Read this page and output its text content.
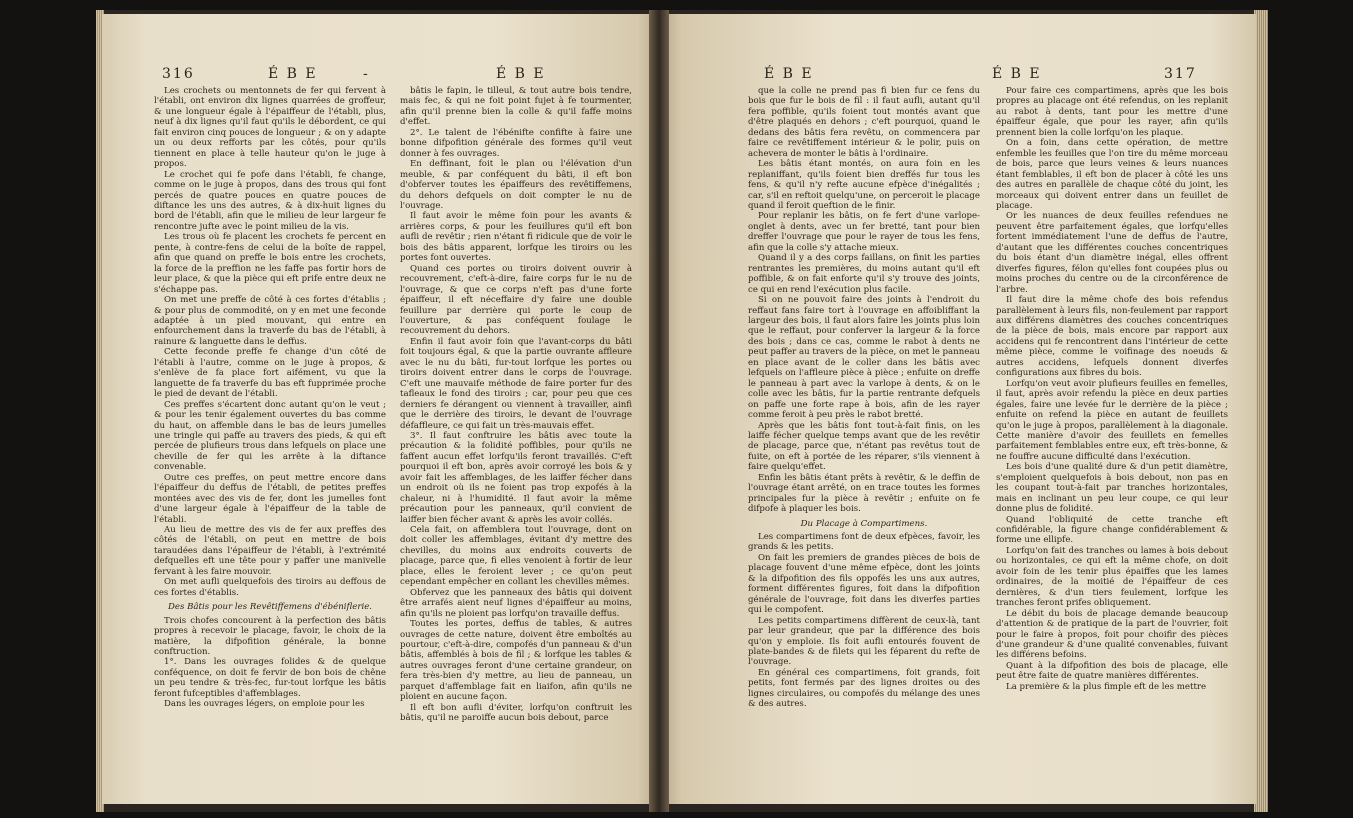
316	É B E	-	É B E

Les crochets ou mentonnets de fer qui fervent à l'établi, ont environ dix lignes quarrées de groffeur, & une longueur égale à l'épaiffeur de l'établi, plus, neuf à dix lignes qu'il faut qu'ils le débordent, ce qui fait environ cinq pouces de longueur ; & on y adapte un ou deux refforts par les côtés, pour qu'ils tiennent en place à telle hauteur qu'on le juge à propos.

Le crochet qui fe pofe dans l'établi, fe change, comme on le juge à propos, dans des trous qui font percés de quatre pouces en quatre pouces de diftance les uns des autres, & à dix-huit lignes du bord de l'établi, afin que le milieu de leur largeur fe rencontre jufte avec le point milieu de la vis.

Les trous où fe placent les crochets fe percent en pente, à contre-fens de celui de la boîte de rappel, afin que quand on preffe le bois entre les crochets, la force de la preffion ne les faffe pas fortir hors de leur place, & que la pièce qui eft prife entre deux ne s'échappe pas.

On met une preffe de côté à ces fortes d'établis ; & pour plus de commodité, on y en met une feconde adaptée à un pied mouvant, qui entre en enfourchement dans la traverfe du bas de l'établi, à rainure & languette dans le deffus.

Cette feconde preffe fe change d'un côté de l'établi à l'autre, comme on le juge à propos, & s'enlève de fa place fort aifément, vu que la languette de fa traverfe du bas eft fupprimée proche le pied de devant de l'établi.

Ces preffes s'écartent donc autant qu'on le veut ; & pour les tenir également ouvertes du bas comme du haut, on affemble dans le bas de leurs jumelles une tringle qui paffe au travers des pieds, & qui eft percée de plufieurs trous dans lefquels on place une cheville de fer qui les arrête à la diftance convenable.

Outre ces preffes, on peut mettre encore dans l'épaiffeur du deffus de l'établi, de petites preffes montées avec des vis de fer, dont les jumelles font d'une largeur égale à l'épaiffeur de la table de l'établi.

Au lieu de mettre des vis de fer aux preffes des côtés de l'établi, on peut en mettre de bois taraudées dans l'épaiffeur de l'établi, à l'extrémité defquelles eft une tête pour y paffer une manivelle fervant à les faire mouvoir.

On met aufli quelquefois des tiroirs au deffous de ces fortes d'établis.

Des Bâtis pour les Revêtiffemens d'ébéniflerie.

Trois chofes concourent à la perfection des bâtis propres à recevoir le placage, favoir, le choix de la matière, la difpofition générale, la bonne conftruction.

1°. Dans les ouvrages folides & de quelque conféquence, on doit fe fervir de bon bois de chêne un peu tendre & très-fec, fur-tout lorfque les bâtis feront fufceptibles d'affemblages.

Dans les ouvrages légers, on emploie pour les

bâtis le fapin, le tilleul, & tout autre bois tendre, mais fec, & qui ne foit point fujet à fe tourmenter, afin qu'il prenne bien la colle & qu'il faffe moins d'effet.

2°. Le talent de l'ébénifte confifte à faire une bonne difpofition générale des formes qu'il veut donner à fes ouvrages.

En deffinant, foit le plan ou l'élévation d'un meuble, & par conféquent du bâti, il eft bon d'obferver toutes les épaiffeurs des revêtiffemens, du dehors defquels on doit compter le nu de l'ouvrage.

Il faut avoir le même foin pour les avants & arrières corps, & pour les feuillures qu'il eft bon aufli de revêtir ; rien n'étant fi ridicule que de voir le bois des bâtis apparent, lorfque les tiroirs ou les portes font ouvertes.

Quand ces portes ou tiroirs doivent ouvrir à recouvrement, c'eft-à-dire, faire corps fur le nu de l'ouvrage, & que ce corps n'eft pas d'une forte épaiffeur, il eft néceffaire d'y faire une double feuillure par derrière qui porte le coup de l'ouverture, & pas conféquent foulage le recouvrement du dehors.

Enfin il faut avoir foin que l'avant-corps du bâti foit toujours égal, & que la partie ouvrante affleure avec le nu du bâti, fur-tout lorfque les portes ou tiroirs doivent entrer dans le corps de l'ouvrage. C'eft une mauvaife méthode de faire porter fur des tafleaux le fond des tiroirs ; car, pour peu que ces derniers fe dérangent ou viennent à travailler, ainfi que le derrière des tiroirs, le devant de l'ouvrage défaffleure, ce qui fait un très-mauvais effet.

3°. Il faut conftruire les bâtis avec toute la précaution & la folidité poffibles, pour qu'ils ne faffent aucun effet lorfqu'ils feront travaillés. C'eft pourquoi il eft bon, après avoir corroyé les bois & y avoir fait les affemblages, de les laiffer fécher dans un endroit où ils ne foient pas trop expofés à la chaleur, ni à l'humidité. Il faut avoir la même précaution pour les panneaux, qu'il convient de laiffer bien fécher avant & après les avoir collés.

Cela fait, on affemblera tout l'ouvrage, dont on doit coller les affemblages, évitant d'y mettre des chevilles, du moins aux endroits couverts de placage, parce que, fi elles venoient à fortir de leur place, elles le feroient lever ; ce qu'on peut cependant empêcher en collant les chevilles mêmes.

Obfervez que les panneaux des bâtis qui doivent être arrafés aient neuf lignes d'épaiffeur au moins, afin qu'ils ne ploient pas lorfqu'on travaille deffus.

Toutes les portes, deffus de tables, & autres ouvrages de cette nature, doivent être emboîtés au pourtour, c'eft-à-dire, compofés d'un panneau & d'un bâtis, affemblés à bois de fil ; & lorfque les tables & autres ouvrages feront d'une certaine grandeur, on fera très-bien d'y mettre, au lieu de panneau, un parquet d'affemblage fait en liaifon, afin qu'ils ne ploient en aucune façon.

Il eft bon aufli d'éviter, lorfqu'on conftruit les bâtis, qu'il ne paroiffe aucun bois debout, parce

É B E	É B E	317

que la colle ne prend pas fi bien fur ce fens du bois que fur le bois de fil : il faut aufli, autant qu'il fera poffible, qu'ils foient tout montés avant que d'être plaqués en dehors ; c'eft pourquoi, quand le dedans des bâtis fera revêtu, on commencera par faire ce revêtiffement intérieur & le polir, puis on achevera de monter le bâtis à l'ordinaire.

Les bâtis étant montés, on aura foin en les replaniffant, qu'ils foient bien dreffés fur tous les fens, & qu'il n'y refte aucune efpèce d'inégalités ; car, s'il en reftoit quelqu'une, on perceroit le placage quand il feroit queftion de le finir.

Pour replanir les bâtis, on fe fert d'une varlope-onglet à dents, avec un fer bretté, tant pour bien dreffer l'ouvrage que pour le rayer de tous les fens, afin que la colle s'y attache mieux.

Quand il y a des corps faillans, on finit les parties rentrantes les premières, du moins autant qu'il eft poffible, & on fait enforte qu'il s'y trouve des joints, ce qui en rend l'exécution plus facile.

Si on ne pouvoit faire des joints à l'endroit du reffaut fans faire tort à l'ouvrage en affoibliffant la largeur des bois, il faut alors faire les joints plus loin que le reffaut, pour conferver la largeur & la force des bois ; dans ce cas, comme le rabot à dents ne peut paffer au travers de la pièce, on met le panneau en place avant de le coller dans les bâtis avec lefquels on l'affleure pièce à pièce ; enfuite on dreffe le panneau à part avec la varlope à dents, & on le colle avec les bâtis, fur la partie rentrante defquels on paffe une forte rape à bois, afin de les rayer comme feroit à peu près le rabot bretté.

Après que les bâtis font tout-à-fait finis, on les laiffe fécher quelque temps avant que de les revêtir de placage, parce que, n'étant pas revêtus tout de fuite, on eft à portée de les réparer, s'ils viennent à faire quelqu'effet.

Enfin les bâtis étant prêts à revêtir, & le deffin de l'ouvrage étant arrêté, on en trace toutes les formes principales fur la pièce à revêtir ; enfuite on fe difpofe à plaquer les bois.

Du Placage à Compartimens.

Les compartimens font de deux efpèces, favoir, les grands & les petits.

On fait les premiers de grandes pièces de bois de placage fouvent d'une même efpèce, dont les joints & la difpofition des fils oppofés les uns aux autres, forment différentes figures, foit dans la difpofition générale de l'ouvrage, foit dans les diverfes parties qui le compofent.

Les petits compartimens diffèrent de ceux-là, tant par leur grandeur, que par la différence des bois qu'on y emploie. Ils foit aufli entourés fouvent de plate-bandes & de filets qui les féparent du refte de l'ouvrage.

En général ces compartimens, foit grands, foit petits, font fermés par des lignes droites ou des lignes circulaires, ou compofés du mélange des unes & des autres.

Pour faire ces compartimens, après que les bois propres au placage ont été refendus, on les replanit au rabot à dents, tant pour les mettre d'une épaiffeur égale, que pour les rayer, afin qu'ils prennent bien la colle lorfqu'on les plaque.

On a foin, dans cette opération, de mettre enfemble les feuilles que l'on tire du même morceau de bois, parce que leurs veines & leurs nuances étant femblables, il eft bon de placer à côté les uns des autres en parallèle de chaque côté du joint, les morceaux qui doivent entrer dans un feuillet de placage.

Or les nuances de deux feuilles refendues ne peuvent être parfaitement égales, que lorfqu'elles fortent immédiatement l'une de deffus de l'autre, d'autant que les différentes couches concentriques du bois étant d'un diamètre inégal, elles offrent diverfes figures, félon qu'elles font coupées plus ou moins proches du centre ou de la circonférence de l'arbre.

Il faut dire la même chofe des bois refendus parallèlement à leurs fils, non-feulement par rapport aux différens diamètres des couches concentriques de la pièce de bois, mais encore par rapport aux accidens qui fe rencontrent dans l'intérieur de cette même pièce, comme le voifinage des noeuds & autres accidens, lefquels donnent diverfes configurations aux fibres du bois.

Lorfqu'on veut avoir plufieurs feuilles en femelles, il faut, après avoir refendu la pièce en deux parties égales, faire une levée fur le derrière de la pièce ; enfuite on refend la pièce en autant de feuillets qu'on le juge à propos, parallèlement à la diagonale. Cette manière d'avoir des feuillets en femelles parfaitement femblables entre eux, eft très-bonne, & ne fouffre aucune difficulté dans l'exécution.

Les bois d'une qualité dure & d'un petit diamètre, s'emploient quelquefois à bois debout, non pas en les coupant tout-à-fait par tranches horizontales, mais en inclinant un peu leur coupe, ce qui leur donne plus de folidité.

Quand l'obliquité de cette tranche eft confidérable, la figure change confidérablement & forme une ellipfe.

Lorfqu'on fait des tranches ou lames à bois debout ou horizontales, ce qui eft la même chofe, on doit avoir foin de les tenir plus épaiffes que les lames ordinaires, de la moitié de l'épaiffeur de ces dernières, & d'un tiers feulement, lorfque les tranches feront prifes obliquement.

Le débit du bois de placage demande beaucoup d'attention & de pratique de la part de l'ouvrier, foit pour le faire à propos, foit pour choifir des pièces d'une grandeur & d'une qualité convenables, fuivant les différens befoins.

Quant à la difpofition des bois de placage, elle peut être faite de quatre manières différentes.

La première & la plus fimple eft de les mettre
